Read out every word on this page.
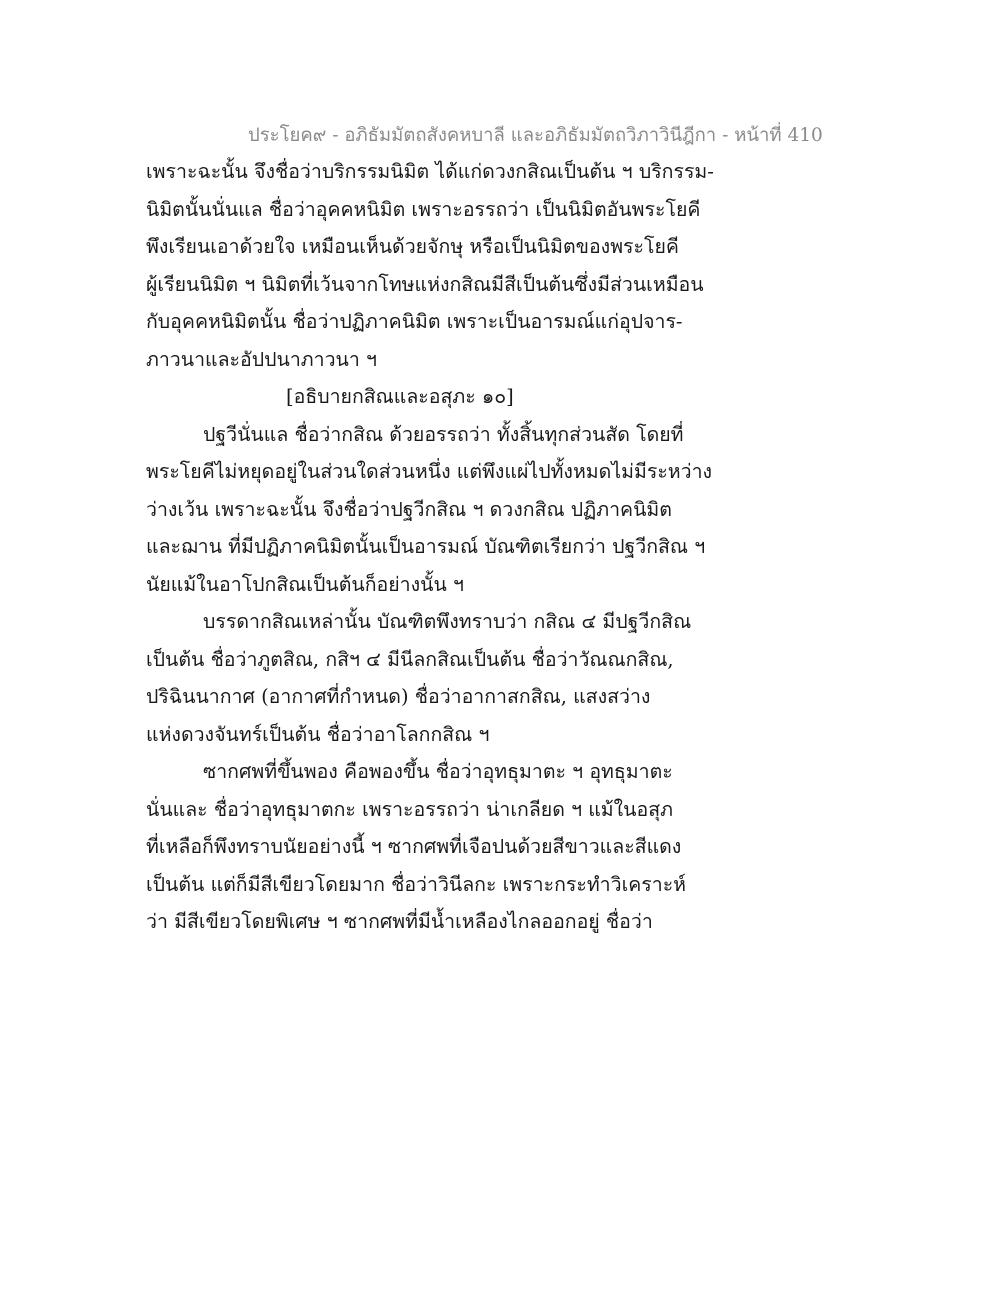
ประโยค๙ - อภิธัมมัตถสังคหบาลี และอภิธัมมัตถวิภาวินีฎีกา - หน้าที่ 410
เพราะฉะนั้น จึงชื่อว่าบริกรรมนิมิต ได้แก่ดวงกสิณเป็นต้น ฯ บริกรรม-
นิมิตนั้นนั่นแล ชื่อว่าอุคคหนิมิต เพราะอรรถว่า เป็นนิมิตอันพระโยคี
พึงเรียนเอาด้วยใจ เหมือนเห็นด้วยจักษุ หรือเป็นนิมิตของพระโยคี
ผู้เรียนนิมิต ฯ นิมิตที่เว้นจากโทษแห่งกสิณมีสีเป็นต้นซึ่งมีส่วนเหมือน
กับอุคคหนิมิตนั้น ชื่อว่าปฏิภาคนิมิต เพราะเป็นอารมณ์แก่อุปจาร-
ภาวนาและอัปปนาภาวนา ฯ
[อธิบายกสิณและอสุภะ ๑๐]
ปฐวีนั่นแล ชื่อว่ากสิณ ด้วยอรรถว่า ทั้งสิ้นทุกส่วนสัด โดยที่
พระโยคีไม่หยุดอยู่ในส่วนใดส่วนหนึ่ง แต่พึงแผ่ไปทั้งหมดไม่มีระหว่าง
ว่างเว้น เพราะฉะนั้น จึงชื่อว่าปฐวีกสิณ ฯ ดวงกสิณ ปฏิภาคนิมิต
และฌาน ที่มีปฏิภาคนิมิตนั้นเป็นอารมณ์ บัณฑิตเรียกว่า ปฐวีกสิณ ฯ
นัยแม้ในอาโปกสิณเป็นต้นก็อย่างนั้น ฯ
บรรดากสิณเหล่านั้น บัณฑิตพึงทราบว่า กสิณ ๔ มีปฐวีกสิณ
เป็นต้น ชื่อว่าภูตสิณ, กสิฯ ๔ มีนีลกสิณเป็นต้น ชื่อว่าวัณณกสิณ,
ปริฉินนากาศ (อากาศที่กำหนด) ชื่อว่าอากาสกสิณ, แสงสว่าง
แห่งดวงจันทร์เป็นต้น ชื่อว่าอาโลกกสิณ ฯ
ซากศพที่ขึ้นพอง คือพองขึ้น ชื่อว่าอุทธุมาตะ ฯ อุทธุมาตะ
นั่นและ ชื่อว่าอุทธุมาตกะ เพราะอรรถว่า น่าเกลียด ฯ แม้ในอสุภ
ที่เหลือก็พึงทราบนัยอย่างนี้ ฯ ซากศพที่เจือปนด้วยสีขาวและสีแดง
เป็นต้น แต่ก็มีสีเขียวโดยมาก ชื่อว่าวินีลกะ เพราะกระทำวิเคราะห์
ว่า มีสีเขียวโดยพิเศษ ฯ ซากศพที่มีน้ำเหลืองไกลออกอยู่ ชื่อว่า
